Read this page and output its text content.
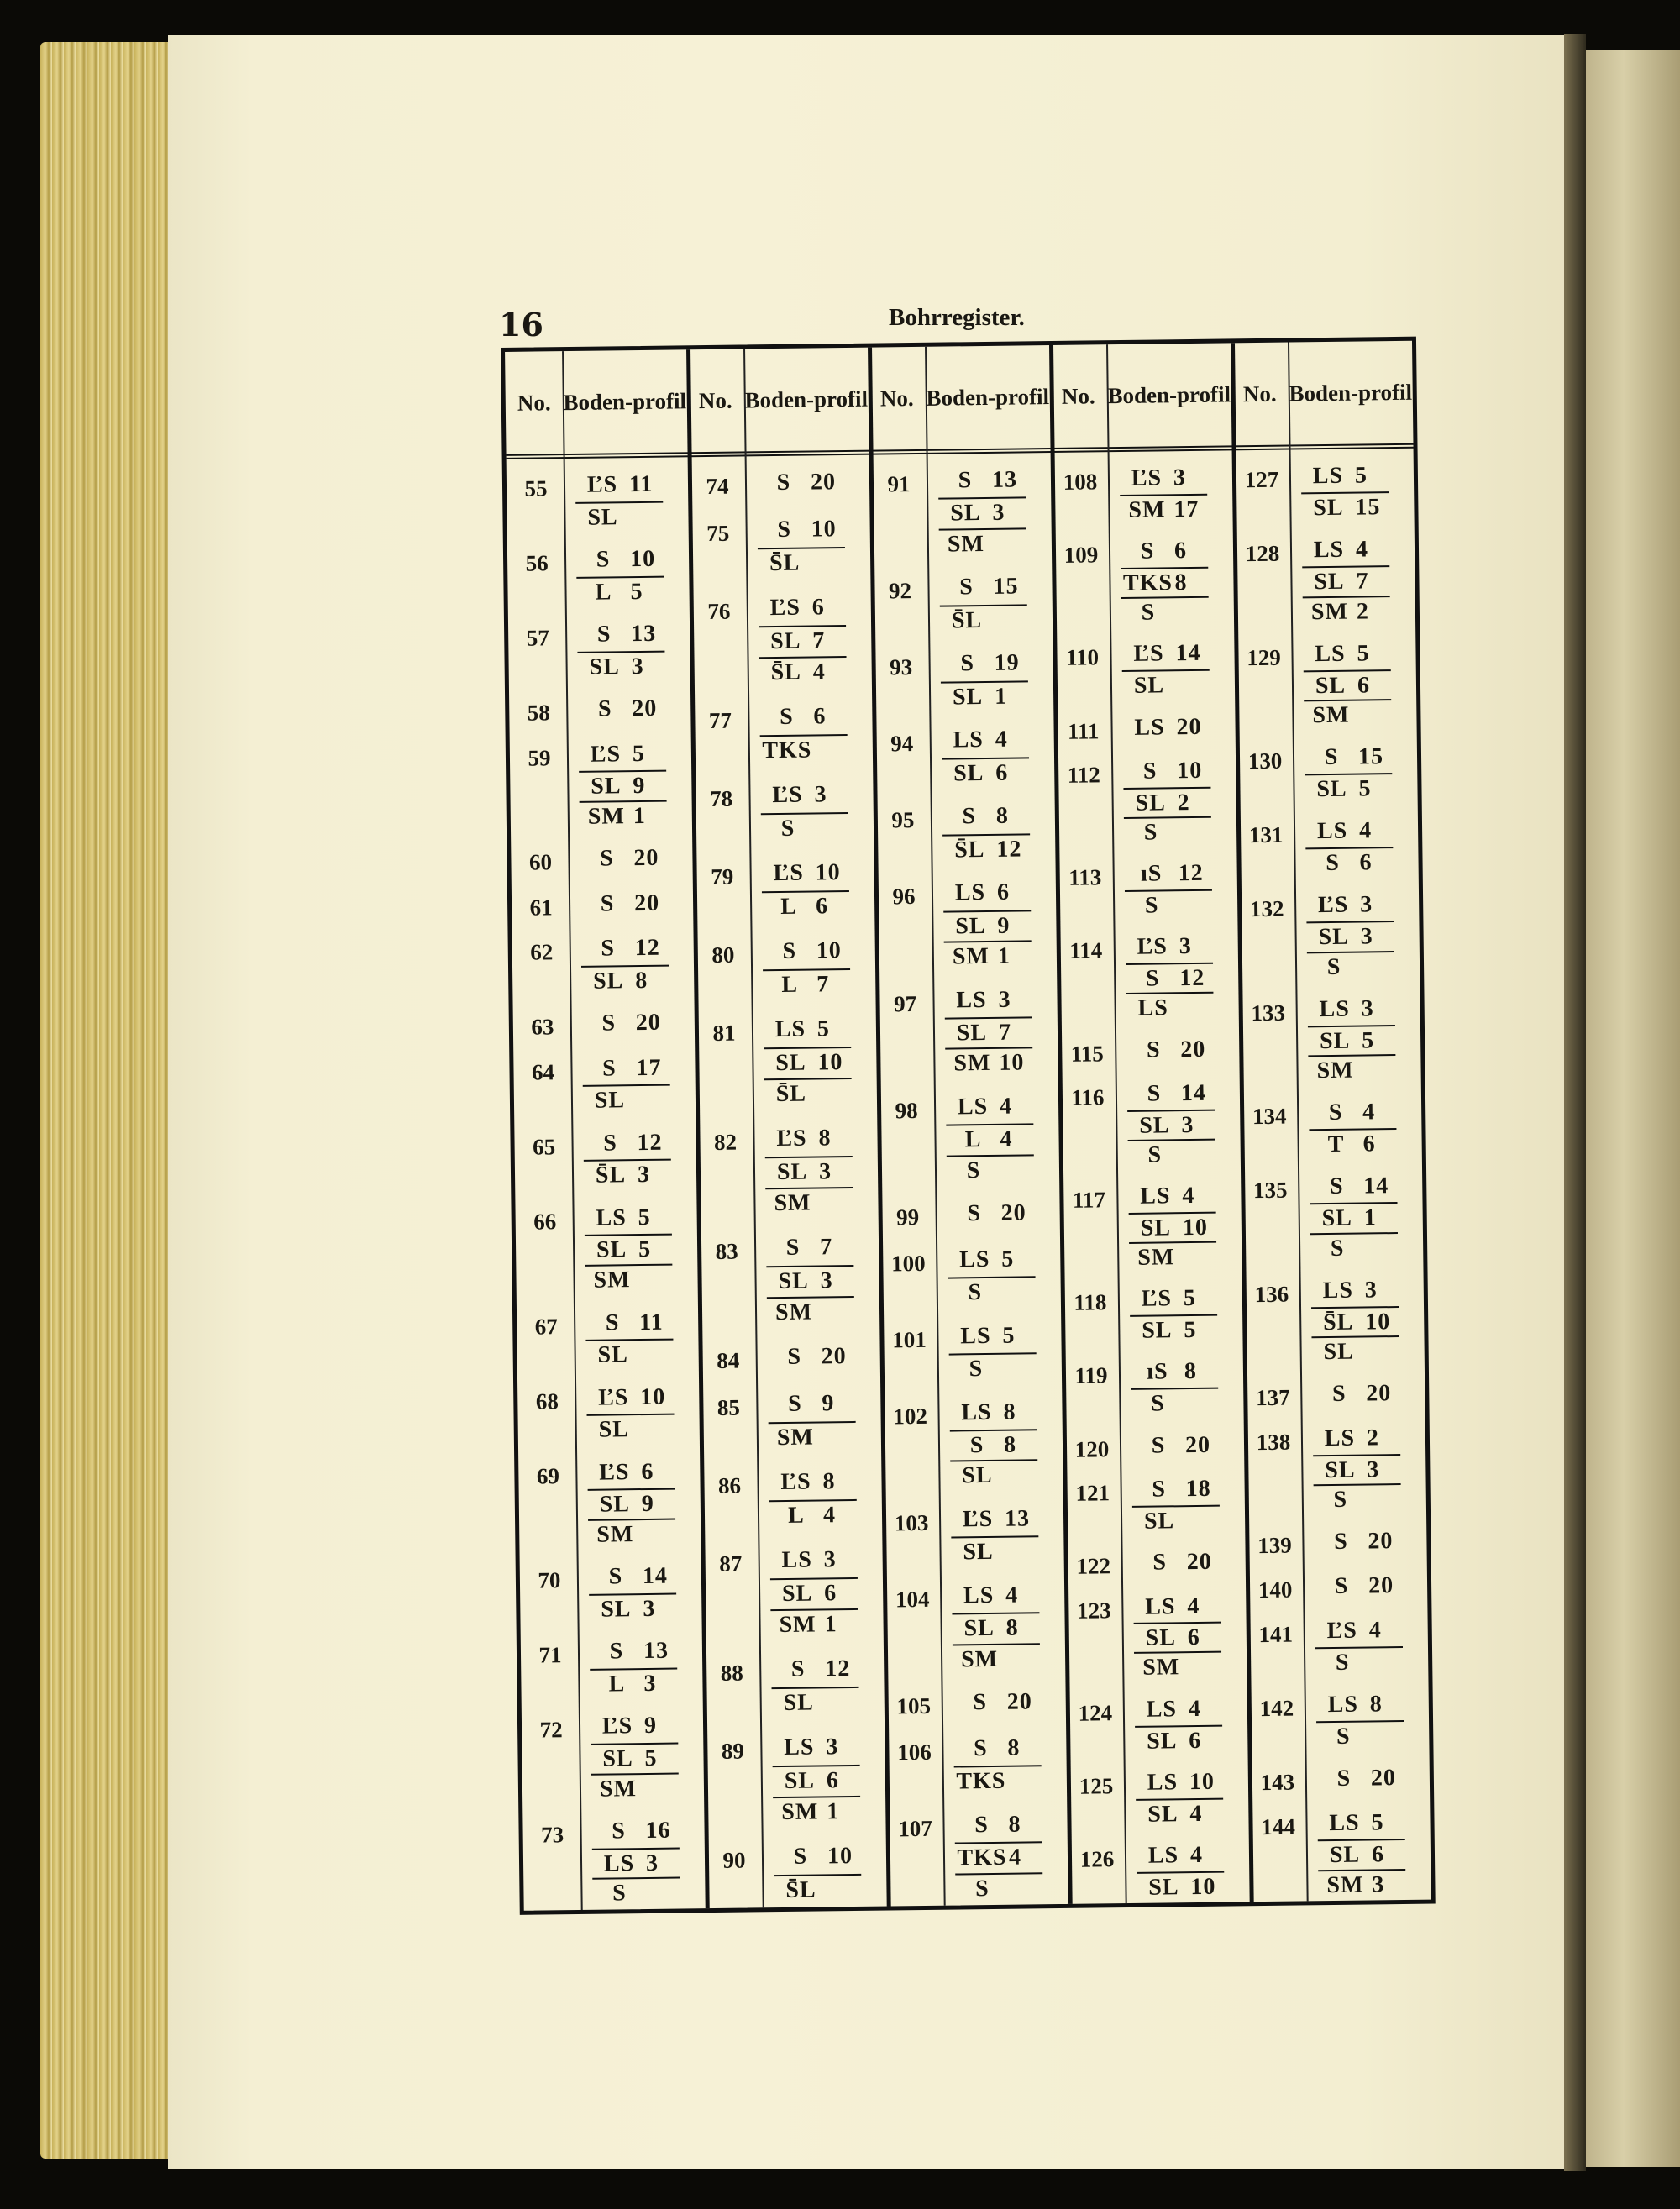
16	Bohrregister.
No. Boden- profil No. Boden- profil No. Boden- profil No. Boden- profil No. Boden- profil
55	ĽS 11
SL
56	S 10
L 5
57	S 13
SL 3
58	S 20
59	ĽS 5
SL 9
SM 1
60	S 20
61	S 20
62	S 12
SL 8
63	S 20
64	S 17
SL
65	S 12
S̄L 3
66	LS 5
SL 5
SM
67	S 11
SL
68	ĽS 10
SL
69	ĽS 6
SL 9
SM
70	S 14
SL 3
71	S 13
L 3
72	ĽS 9
SL 5
SM
73	S 16
LS 3
S
74	S 20
75	S 10
S̄L
76	ĽS 6
SL 7
S̄L 4
77	S 6
TKS
78	ĽS 3
S
79	ĽS 10
L 6
80	S 10
L 7
81	LS 5
SL 10
S̄L
82	ĽS 8
SL 3
SM
83	S 7
SL 3
SM
84	S 20
85	S 9
SM
86	ĽS 8
L 4
87	LS 3
SL 6
SM 1
88	S 12
SL
89	LS 3
SL 6
SM 1
90	S 10
S̄L
91	S 13
SL 3
SM
92	S 15
S̄L
93	S 19
SL 1
94	LS 4
SL 6
95	S 8
S̄L 12
96	LS 6
SL 9
SM 1
97	LS 3
SL 7
SM 10
98	LS 4
L 4
S
99	S 20
100	LS 5
S
101	LS 5
S
102	LS 8
S 8
SL
103	ĽS 13
SL
104	LS 4
SL 8
SM
105	S 20
106	S 8
TKS
107	S 8
TKS4
S
108	ĽS 3
SM 17
109	S 6
TKS8
S
110	ĽS 14
SL
111	LS 20
112	S 10
SL 2
S
113	ıS 12
S
114	ĽS 3
S 12
LS
115	S 20
116	S 14
SL 3
S
117	LS 4
SL 10
SM
118	ĽS 5
SL 5
119	ıS 8
S
120	S 20
121	S 18
SL
122	S 20
123	LS 4
SL 6
SM
124	LS 4
SL 6
125	LS 10
SL 4
126	LS 4
SL 10
127	LS 5
SL 15
128	LS 4
SL 7
SM 2
129	LS 5
SL 6
SM
130	S 15
SL 5
131	LS 4
S 6
132	ĽS 3
SL 3
S
133	LS 3
SL 5
SM
134	S 4
T 6
135	S 14
SL 1
S
136	LS 3
S̄L 10
SL
137	S 20
138	LS 2
SL 3
S
139	S 20
140	S 20
141	ĽS 4
S
142	LS 8
S
143	S 20
144	LS 5
SL 6
SM 3
